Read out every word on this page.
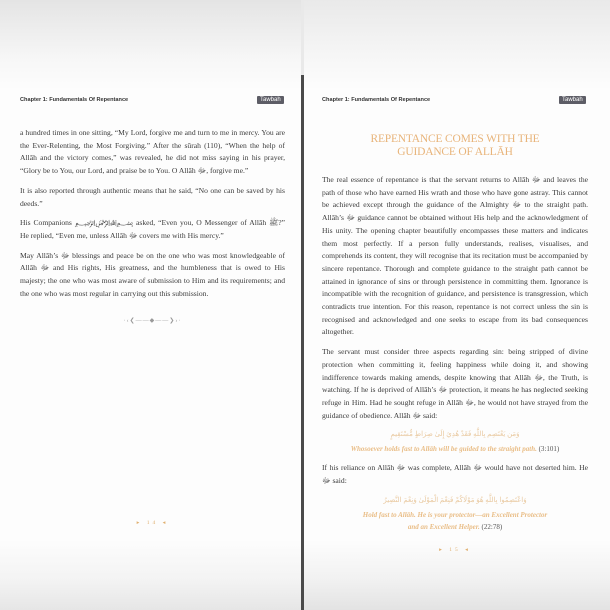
Chapter 1: Fundamentals Of Repentance	Tawbah

a hundred times in one sitting, “My Lord, forgive me and turn to me in mercy. You are the Ever-Relenting, the Most Forgiving.” After the sūrah (110), “When the help of Allāh and the victory comes,” was revealed, he did not miss saying in his prayer, “Glory be to You, our Lord, and praise be to You. O Allāh ﷻ, forgive me.”

It is also reported through authentic means that he said, “No one can be saved by his deeds.”

His Companions ﷽ asked, “Even you, O Messenger of Allāh ﷺ?” He replied, “Even me, unless Allāh ﷻ covers me with His mercy.”

May Allāh’s ﷻ blessings and peace be on the one who was most knowledgeable of Allāh ﷻ and His rights, His greatness, and the humbleness that is owed to His majesty; the one who was most aware of submission to Him and its requirements; and the one who was most regular in carrying out this submission.

·‹❮——◆——❯›·
▸ 14 ◂
Chapter 1: Fundamentals Of Repentance	Tawbah
REPENTANCE COMES WITH THE
GUIDANCE OF ALLĀH

The real essence of repentance is that the servant returns to Allāh ﷻ and leaves the path of those who have earned His wrath and those who have gone astray. This cannot be achieved except through the guidance of the Almighty ﷻ to the straight path. Allāh’s ﷻ guidance cannot be obtained without His help and the acknowledgment of His unity. The opening chapter beautifully encompasses these matters and indicates them most perfectly. If a person fully understands, realises, visualises, and comprehends its content, they will recognise that its recitation must be accompanied by sincere repentance. Thorough and complete guidance to the straight path cannot be attained in ignorance of sins or through persistence in committing them. Ignorance is incompatible with the recognition of guidance, and persistence is transgression, which contradicts true intention. For this reason, repentance is not correct unless the sin is recognised and acknowledged and one seeks to escape from its bad consequences altogether.

The servant must consider three aspects regarding sin: being stripped of divine protection when committing it, feeling happiness while doing it, and showing indifference towards making amends, despite knowing that Allāh ﷻ, the Truth, is watching. If he is deprived of Allāh’s ﷻ protection, it means he has neglected seeking refuge in Him. Had he sought refuge in Allāh ﷻ, he would not have strayed from the guidance of obedience. Allāh ﷻ said:

وَمَن يَعْتَصِم بِاللَّهِ فَقَدْ هُدِيَ إِلَىٰ صِرَاطٍ مُّسْتَقِيمٍ
Whosoever holds fast to Allāh will be guided to the straight path. (3:101)

If his reliance on Allāh ﷻ was complete, Allāh ﷻ would have not deserted him. He ﷻ said:

وَاعْتَصِمُوا بِاللَّهِ هُوَ مَوْلَاكُمْ فَنِعْمَ الْمَوْلَىٰ وَنِعْمَ النَّصِيرُ
Hold fast to Allāh. He is your protector—an Excellent Protector
and an Excellent Helper. (22:78)
▸ 15 ◂
